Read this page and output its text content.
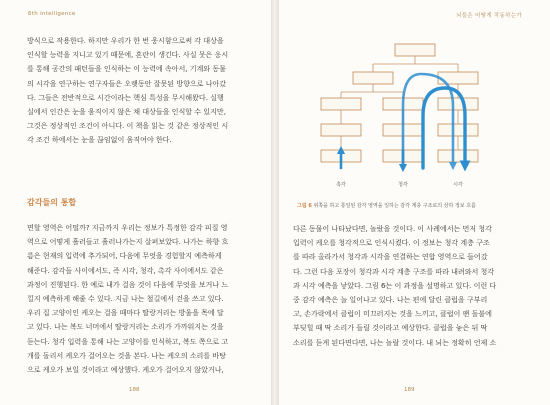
6th intelligence

방식으로 작용한다. 하지만 우리가 한 번 웅시함으로써 각 대상을

인식할 능력을 지니고 있기 때문에, 혼란이 생긴다. 사실 뭇은 응시

를 통해 공간의 패턴들을 인식하는 이 능력에 속아서, 기계와 동물

의 시각을 연구하는 연구자들은 오랫동안 잘못된 방향으로 나아갔

다. 그들은 전반적으로 시간이라는 핵심 특성을 무시해왔다. 실행

실에서 인간은 눈을 움직이지 않은 채 대상들을 인식할 수 있지만,

그것은 정상적인 조건이 아니다. 이 책을 읽는 것 같은 정상적인 시

각 조건 하에서는 눈을 끊임없이 움직여야 한다.

감각들의 통합

면할 영역은 어떨까? 지금까지 우리는 정보가 특정한 감각 피질 영

역으로 어떻게 흘러들고 흘러나가는지 살펴보았다. 나가는 하향 흐

름은 현재의 입력에 추가되어, 다음에 무엇을 경험할지 예측하게

해준다. 감각들 사이에서도, 즉 시각, 청각, 촉각 사이에서도 같은

과정이 진행된다. 한 예로 내가 걸음 것이 다음에 무엇을 보거나 느

낄지 예측하게 해줄 수 있다. 지금 나는 철길에서 걷을 쓰고 있다.

우리 집 고양이인 케오는 걸을 때마다 딸랑거리는 방울을 목에 달

고 있다. 나는 복도 너머에서 딸랑거리는 소리가 가까워지는 것을

듣는다. 청각 입력을 통해 나는 고양이를 인식하고, 복도 쪽으로 고

개를 돌리서 케오가 걸어오는 것을 본다. 나는 케오의 소리를 바탕

으로 케오가 보일 것이라고 예상했다. 케오가 걸어오지 않았거나,

188
뇌들은 어떻게 작동하는가
촉각	청각	시각
그림 6 위쪽을 하고 통일된 감각 영역을 일하는 감각 계층 구조로의 상하 정보 흐름

다른 동물이 나타났다면, 놀랐을 것이다. 이 사례에서는 먼저 청각

입력이 케오를 청각적으로 인식시켰다. 이 정보는 청각 계층 구조

를 따라 올라가서 청각과 시각을 연결하는 연합 영역으로 들어갔

다. 그런 다음 포장이 청각과 시각 계층 구조를 따라 내려와서 청각

과 시각 예측을 낳았다. 그림 6는 이 과정을 설명하고 있다. 이런 다

중 감각 예측은 늘 일어나고 있다. 나는 편에 달린 클럽을 구부리

고, 손가락에서 클럽이 미끄러지는 것을 느끼고, 클럽이 팬 돌불에

부딪힐 때 딱 소리가 들릴 것이라고 예상한다. 클럽을 놓은 뒤 딱

소리를 듣게 된다면다면, 나는 놀랄 것이다. 내 뇌는 정확히 언제 소

189
